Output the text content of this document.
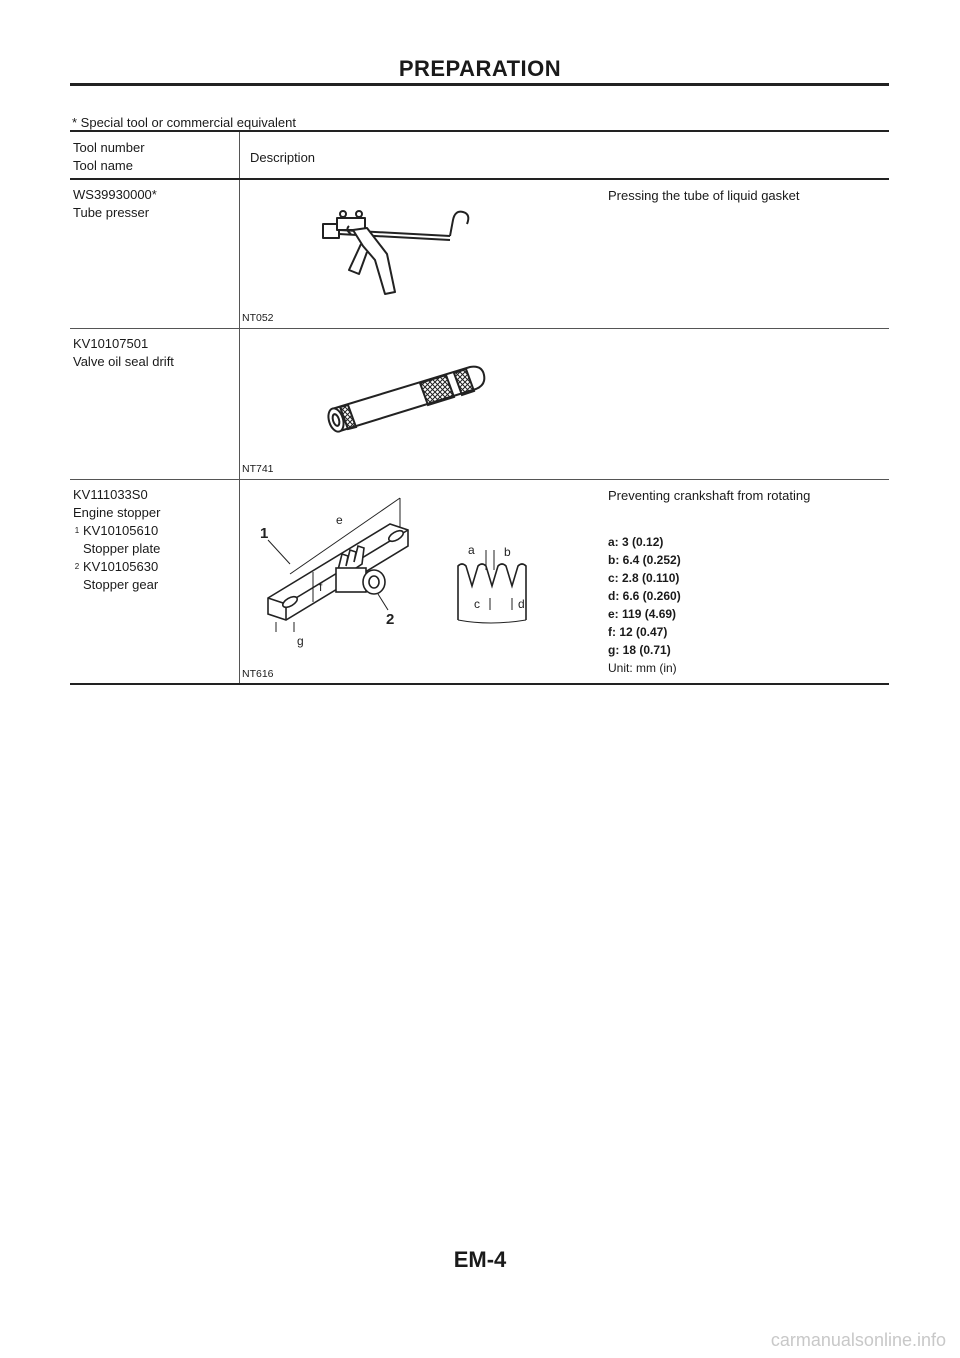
PREPARATION
* Special tool or commercial equivalent
Tool number
Tool name
Description
WS39930000*
Tube presser
NT052
Pressing the tube of liquid gasket
KV10107501
Valve oil seal drift
NT741
KV111033S0
Engine stopper
1 KV10105610
Stopper plate
2 KV10105630
Stopper gear
e
f
g
1
2
a b
c	d
NT616
Preventing crankshaft from rotating
a: 3 (0.12)
b: 6.4 (0.252)
c: 2.8 (0.110)
d: 6.6 (0.260)
e: 119 (4.69)
f: 12 (0.47)
g: 18 (0.71)
Unit: mm (in)
EM-4
carmanualsonline.info
